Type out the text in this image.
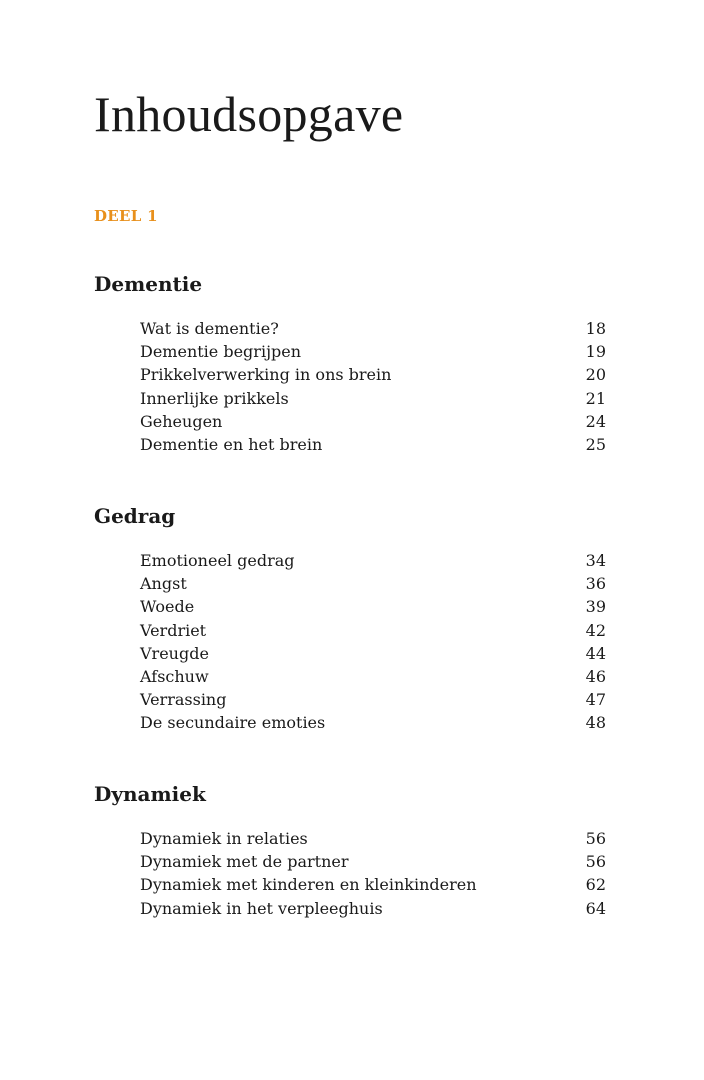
Inhoudsopgave
DEEL 1
Dementie
Wat is dementie?	18
Dementie begrijpen	19
Prikkelverwerking in ons brein	20
Innerlijke prikkels	21
Geheugen	24
Dementie en het brein	25
Gedrag
Emotioneel gedrag	34
Angst	36
Woede	39
Verdriet	42
Vreugde	44
Afschuw	46
Verrassing	47
De secundaire emoties	48
Dynamiek
Dynamiek in relaties	56
Dynamiek met de partner	56
Dynamiek met kinderen en kleinkinderen	62
Dynamiek in het verpleeghuis	64
